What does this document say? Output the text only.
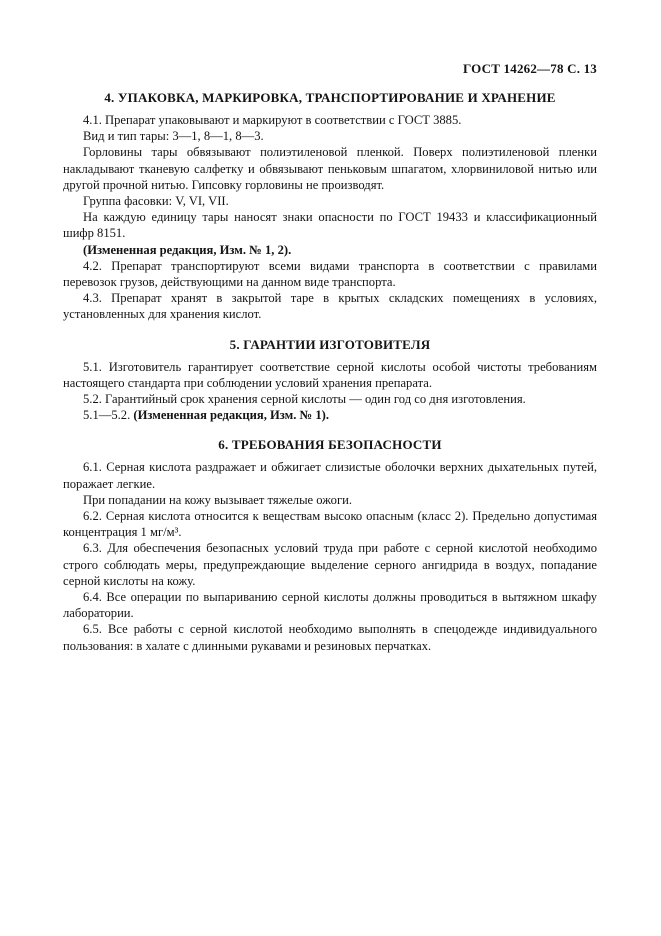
ГОСТ 14262—78 С. 13
4. УПАКОВКА, МАРКИРОВКА, ТРАНСПОРТИРОВАНИЕ И ХРАНЕНИЕ

4.1. Препарат упаковывают и маркируют в соответствии с ГОСТ 3885.

Вид и тип тары: 3—1, 8—1, 8—3.

Горловины тары обвязывают полиэтиленовой пленкой. Поверх полиэтиленовой пленки накладывают тканевую салфетку и обвязывают пеньковым шпагатом, хлорвиниловой нитью или другой прочной нитью. Гипсовку горловины не производят.

Группа фасовки: V, VI, VII.

На каждую единицу тары наносят знаки опасности по ГОСТ 19433 и классификационный шифр 8151.

(Измененная редакция, Изм. № 1, 2).

4.2. Препарат транспортируют всеми видами транспорта в соответствии с правилами перевозок грузов, действующими на данном виде транспорта.

4.3. Препарат хранят в закрытой таре в крытых складских помещениях в условиях, установленных для хранения кислот.

5. ГАРАНТИИ ИЗГОТОВИТЕЛЯ

5.1. Изготовитель гарантирует соответствие серной кислоты особой чистоты требованиям настоящего стандарта при соблюдении условий хранения препарата.

5.2. Гарантийный срок хранения серной кислоты — один год со дня изготовления.

5.1—5.2. (Измененная редакция, Изм. № 1).

6. ТРЕБОВАНИЯ БЕЗОПАСНОСТИ

6.1. Серная кислота раздражает и обжигает слизистые оболочки верхних дыхательных путей, поражает легкие.

При попадании на кожу вызывает тяжелые ожоги.

6.2. Серная кислота относится к веществам высоко опасным (класс 2). Предельно допустимая концентрация 1 мг/м³.

6.3. Для обеспечения безопасных условий труда при работе с серной кислотой необходимо строго соблюдать меры, предупреждающие выделение серного ангидрида в воздух, попадание серной кислоты на кожу.

6.4. Все операции по выпариванию серной кислоты должны проводиться в вытяжном шкафу лаборатории.

6.5. Все работы с серной кислотой необходимо выполнять в спецодежде индивидуального пользования: в халате с длинными рукавами и резиновых перчатках.
